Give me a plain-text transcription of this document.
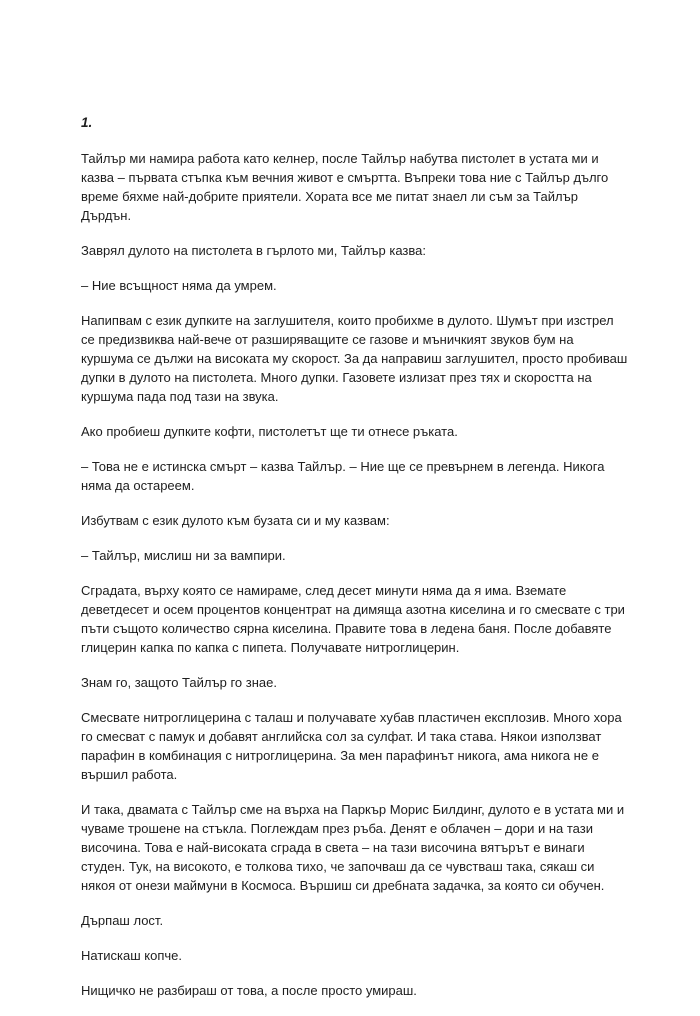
1.

Тайлър ми намира работа като келнер, после Тайлър набутва пистолет в устата ми и казва – първата стъпка към вечния живот е смъртта. Въпреки това ние с Тайлър дълго време бяхме най-добрите приятели. Хората все ме питат знаел ли съм за Тайлър Дърдън.

Заврял дулото на пистолета в гърлото ми, Тайлър казва:

– Ние всъщност няма да умрем.

Напипвам с език дупките на заглушителя, които пробихме в дулото. Шумът при изстрел се предизвиква най-вече от разширяващите се газове и мъничкият звуков бум на куршума се дължи на високата му скорост. За да направиш заглушител, просто пробиваш дупки в дулото на пистолета. Много дупки. Газовете излизат през тях и скоростта на куршума пада под тази на звука.

Ако пробиеш дупките кофти, пистолетът ще ти отнесе ръката.

– Това не е истинска смърт – казва Тайлър. – Ние ще се превърнем в легенда. Никога няма да остареем.

Избутвам с език дулото към бузата си и му казвам:

– Тайлър, мислиш ни за вампири.

Сградата, върху която се намираме, след десет минути няма да я има. Вземате деветдесет и осем процентов концентрат на димяща азотна киселина и го смесвате с три пъти същото количество сярна киселина. Правите това в ледена баня. После добавяте глицерин капка по капка с пипета. Получавате нитроглицерин.

Знам го, защото Тайлър го знае.

Смесвате нитроглицерина с талаш и получавате хубав пластичен експлозив. Много хора го смесват с памук и добавят английска сол за сулфат. И така става. Някои използват парафин в комбинация с нитроглицерина. За мен парафинът никога, ама никога не е вършил работа.

И така, двамата с Тайлър сме на върха на Паркър Морис Билдинг, дулото е в устата ми и чуваме трошене на стъкла. Поглеждам през ръба. Денят е облачен – дори и на тази височина. Това е най-високата сграда в света – на тази височина вятърът е винаги студен. Тук, на високото, е толкова тихо, че започваш да се чувстваш така, сякаш си някоя от онези маймуни в Космоса. Вършиш си дребната задачка, за която си обучен.

Дърпаш лост.

Натискаш копче.

Нищичко не разбираш от това, а после просто умираш.
